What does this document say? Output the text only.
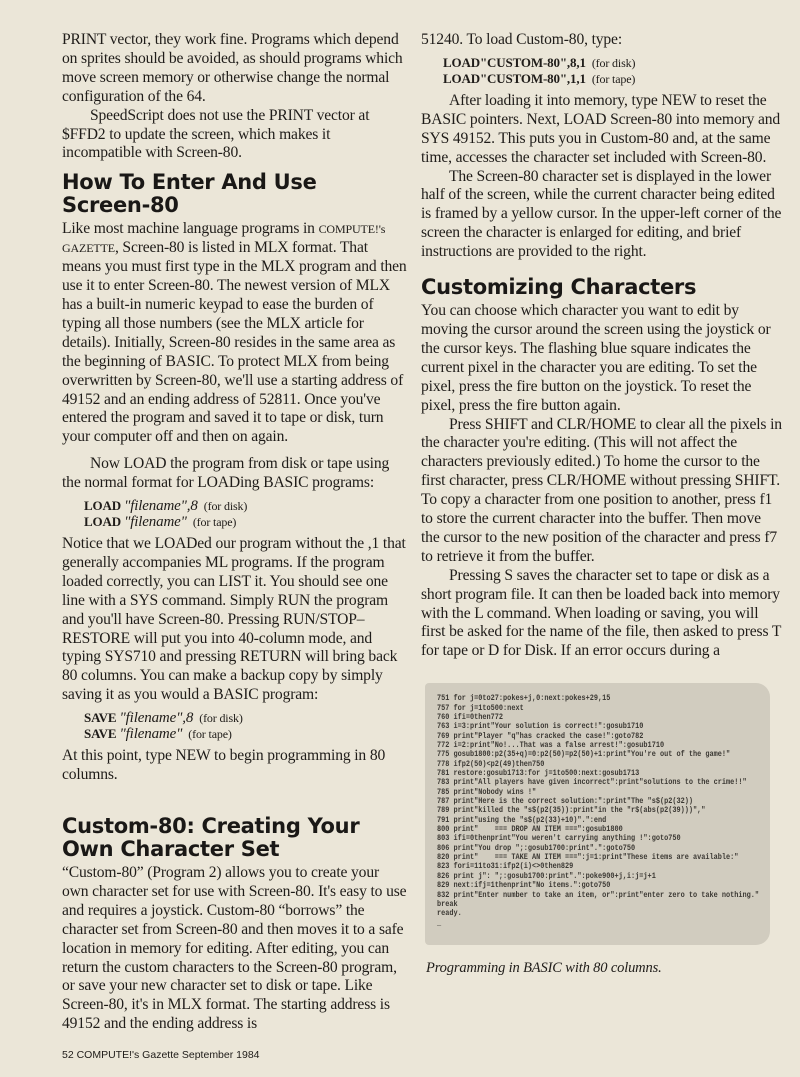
PRINT vector, they work fine. Programs which depend on sprites should be avoided, as should programs which move screen memory or otherwise change the normal configuration of the 64.

SpeedScript does not use the PRINT vector at $FFD2 to update the screen, which makes it incompatible with Screen-80.

How To Enter And Use Screen-80

Like most machine language programs in COMPUTE!'s GAZETTE, Screen-80 is listed in MLX format. That means you must first type in the MLX program and then use it to enter Screen-80. The newest version of MLX has a built-in numeric keypad to ease the burden of typing all those numbers (see the MLX article for details). Initially, Screen-80 resides in the same area as the beginning of BASIC. To protect MLX from being overwritten by Screen-80, we'll use a starting address of 49152 and an ending address of 52811. Once you've entered the program and saved it to tape or disk, turn your computer off and then on again.

Now LOAD the program from disk or tape using the normal format for LOADing BASIC programs:

LOAD "filename",8 (for disk)
LOAD "filename" (for tape)

Notice that we LOADed our program without the ,1 that generally accompanies ML programs. If the program loaded correctly, you can LIST it. You should see one line with a SYS command. Simply RUN the program and you'll have Screen-80. Pressing RUN/STOP–RESTORE will put you into 40-column mode, and typing SYS710 and pressing RETURN will bring back 80 columns. You can make a backup copy by simply saving it as you would a BASIC program:

SAVE "filename",8 (for disk)
SAVE "filename" (for tape)

At this point, type NEW to begin programming in 80 columns.

Custom-80: Creating Your Own Character Set

“Custom-80” (Program 2) allows you to create your own character set for use with Screen-80. It's easy to use and requires a joystick. Custom-80 “borrows” the character set from Screen-80 and then moves it to a safe location in memory for editing. After editing, you can return the custom characters to the Screen-80 program, or save your new character set to disk or tape. Like Screen-80, it's in MLX format. The starting address is 49152 and the ending address is

52 COMPUTE!'s Gazette September 1984

51240. To load Custom-80, type:

LOAD"CUSTOM-80",8,1 (for disk)
LOAD"CUSTOM-80",1,1 (for tape)

After loading it into memory, type NEW to reset the BASIC pointers. Next, LOAD Screen-80 into memory and SYS 49152. This puts you in Custom-80 and, at the same time, accesses the character set included with Screen-80.

The Screen-80 character set is displayed in the lower half of the screen, while the current character being edited is framed by a yellow cursor. In the upper-left corner of the screen the character is enlarged for editing, and brief instructions are provided to the right.

Customizing Characters

You can choose which character you want to edit by moving the cursor around the screen using the joystick or the cursor keys. The flashing blue square indicates the current pixel in the character you are editing. To set the pixel, press the fire button on the joystick. To reset the pixel, press the fire button again.

Press SHIFT and CLR/HOME to clear all the pixels in the character you're editing. (This will not affect the characters previously edited.) To home the cursor to the first character, press CLR/HOME without pressing SHIFT. To copy a character from one position to another, press f1 to store the current character into the buffer. Then move the cursor to the new position of the character and press f7 to retrieve it from the buffer.

Pressing S saves the character set to tape or disk as a short program file. It can then be loaded back into memory with the L command. When loading or saving, you will first be asked for the name of the file, then asked to press T for tape or D for Disk. If an error occurs during a

751 for j=0to27:pokes+j,0:next:pokes+29,15
757 for j=1to500:next
760 ifi=0then772
763 i=3:print"Your solution is correct!":gosub1710
769 print"Player "q"has cracked the case!":goto782
772 i=2:print"No!...That was a false arrest!":gosub1710
775 gosub1800:p2(35+q)=0:p2(50)=p2(50)+1:print"You're out of the game!"
778 ifp2(50)<p2(49)then750
781 restore:gosub1713:for j=1to500:next:gosub1713
783 print"All players have given incorrect":print"solutions to the crime!!"
785 print"Nobody wins !"
787 print"Here is the correct solution:":print"The "s$(p2(32))
789 print"killed the "s$(p2(35)):print"in the "r$(abs(p2(39)))","
791 print"using the "s$(p2(33)+10)".":end
800 print"    === DROP AN ITEM ===":gosub1800
803 ifi=0thenprint"You weren't carrying anything !":goto750
806 print"You drop ";:gosub1700:print".":goto750
820 print"    === TAKE AN ITEM ===":j=1:print"These items are available:"
823 fori=11to31:ifp2(i)<>0then829
826 print j": ";:gosub1700:print".":poke900+j,i:j=j+1
829 next:ifj=1thenprint"No items.":goto750
832 print"Enter number to take an item, or":print"enter zero to take nothing."
break
ready.
_
Programming in BASIC with 80 columns.
